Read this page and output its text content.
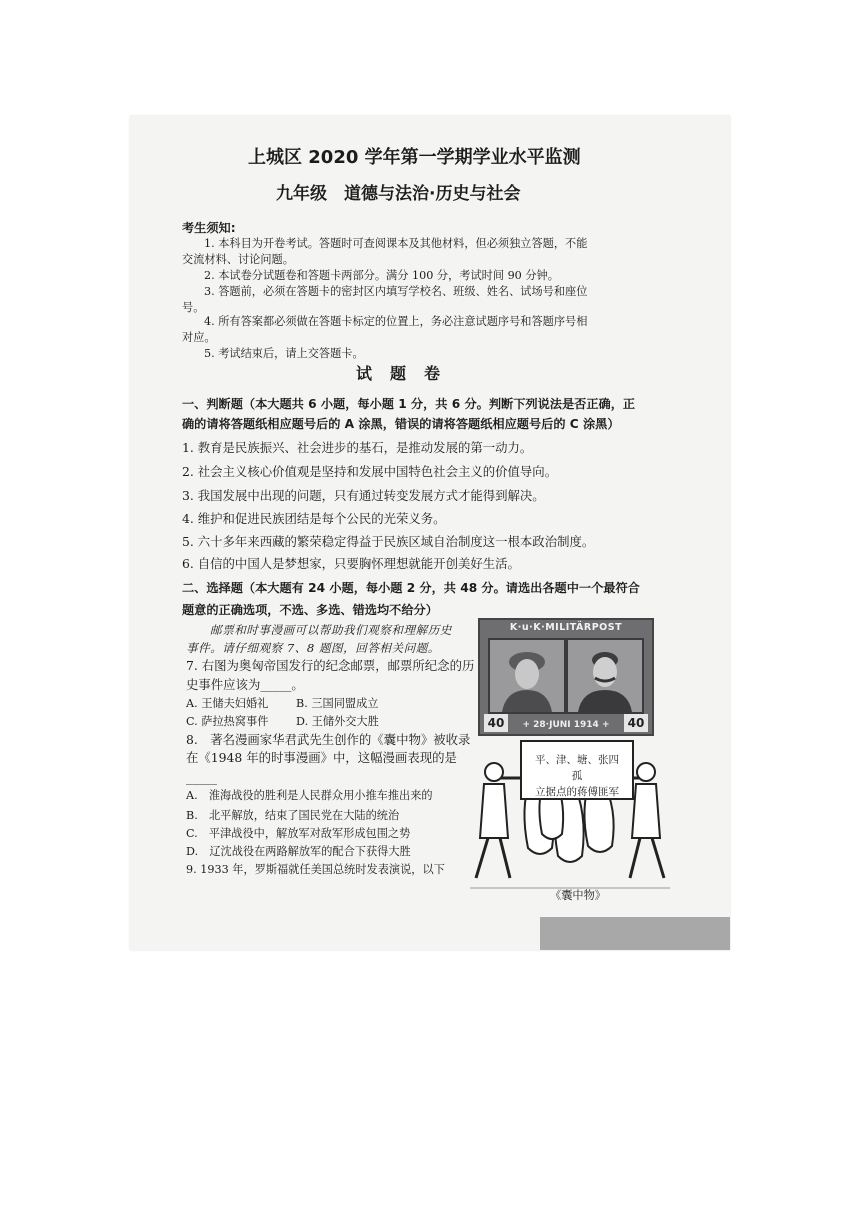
上城区 2020 学年第一学期学业水平监测
九年级　道德与法治·历史与社会
考生须知:
1. 本科目为开卷考试。答题时可查阅课本及其他材料，但必须独立答题，不能
交流材料、讨论问题。
2. 本试卷分试题卷和答题卡两部分。满分 100 分，考试时间 90 分钟。
3. 答题前，必须在答题卡的密封区内填写学校名、班级、姓名、试场号和座位
号。
4. 所有答案都必须做在答题卡标定的位置上，务必注意试题序号和答题序号相
对应。
5. 考试结束后，请上交答题卡。
试题卷
一、判断题（本大题共 6 小题，每小题 1 分，共 6 分。判断下列说法是否正确，正
确的请将答题纸相应题号后的 A 涂黑，错误的请将答题纸相应题号后的 C 涂黑）
1. 教育是民族振兴、社会进步的基石，是推动发展的第一动力。
2. 社会主义核心价值观是坚持和发展中国特色社会主义的价值导向。
3. 我国发展中出现的问题，只有通过转变发展方式才能得到解决。
4. 维护和促进民族团结是每个公民的光荣义务。
5. 六十多年来西藏的繁荣稳定得益于民族区域自治制度这一根本政治制度。
6. 自信的中国人是梦想家，只要胸怀理想就能开创美好生活。
二、选择题（本大题有 24 小题，每小题 2 分，共 48 分。请选出各题中一个最符合
题意的正确选项，不选、多选、错选均不给分）
邮票和时事漫画可以帮助我们观察和理解历史
事件。请仔细观察 7、8 题图，回答相关问题。
7. 右图为奥匈帝国发行的纪念邮票，邮票所纪念的历
史事件应该为_____。
A. 王储夫妇婚礼 B. 三国同盟成立
C. 萨拉热窝事件 D. 王储外交大胜
8.　著名漫画家华君武先生创作的《囊中物》被收录
在《1948 年的时事漫画》中，这幅漫画表现的是
_____
A.　淮海战役的胜利是人民群众用小推车推出来的
B.　北平解放，结束了国民党在大陆的统治
C.　平津战役中，解放军对敌军形成包围之势
D.　辽沈战役在两路解放军的配合下获得大胜
9. 1933 年，罗斯福就任美国总统时发表演说，以下
K·u·K·MILITÄRPOST
40	+ 28·JUNI 1914 +	40
平、津、塘、张四孤
立据点的蒋傅匪军
《囊中物》
